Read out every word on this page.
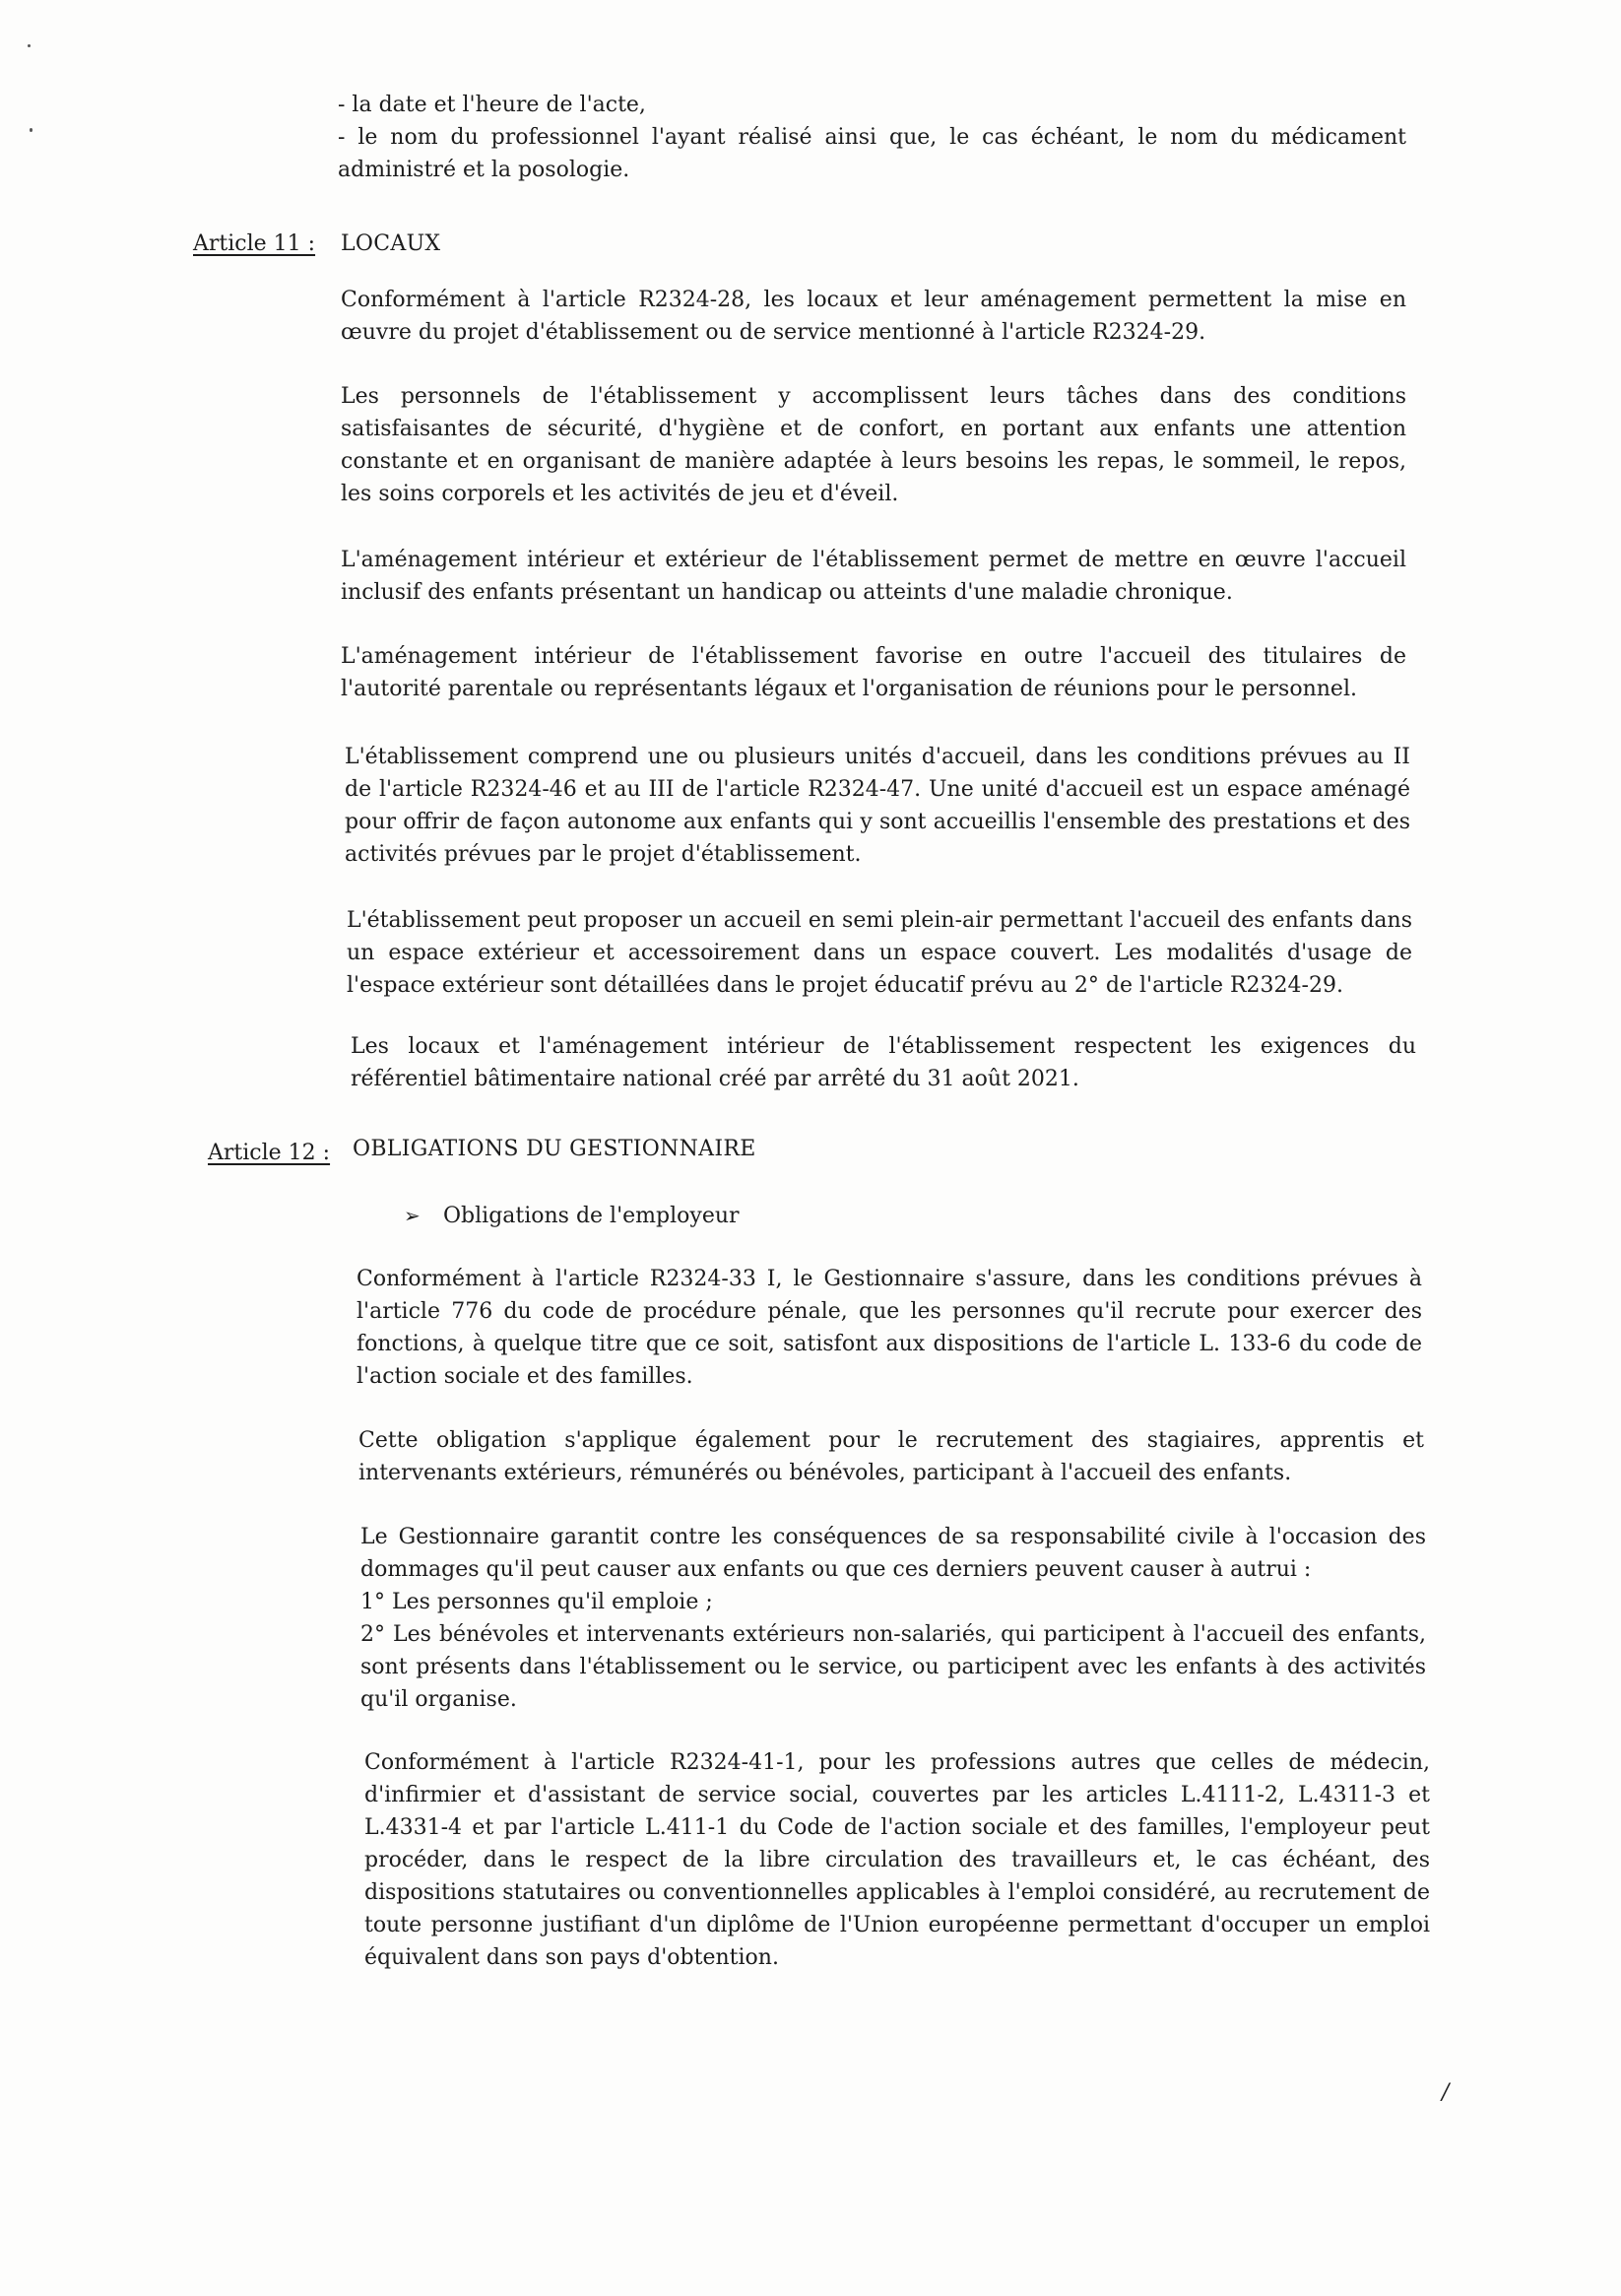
- la date et l'heure de l'acte,

- le nom du professionnel l'ayant réalisé ainsi que, le cas échéant, le nom du médicament administré et la posologie.

Article 11 : LOCAUX

Conformément à l'article R2324-28, les locaux et leur aménagement permettent la mise en œuvre du projet d'établissement ou de service mentionné à l'article R2324-29.

Les personnels de l'établissement y accomplissent leurs tâches dans des conditions satisfaisantes de sécurité, d'hygiène et de confort, en portant aux enfants une attention constante et en organisant de manière adaptée à leurs besoins les repas, le sommeil, le repos, les soins corporels et les activités de jeu et d'éveil.

L'aménagement intérieur et extérieur de l'établissement permet de mettre en œuvre l'accueil inclusif des enfants présentant un handicap ou atteints d'une maladie chronique.

L'aménagement intérieur de l'établissement favorise en outre l'accueil des titulaires de l'autorité parentale ou représentants légaux et l'organisation de réunions pour le personnel.

L'établissement comprend une ou plusieurs unités d'accueil, dans les conditions prévues au II de l'article R2324-46 et au III de l'article R2324-47. Une unité d'accueil est un espace aménagé pour offrir de façon autonome aux enfants qui y sont accueillis l'ensemble des prestations et des activités prévues par le projet d'établissement.

L'établissement peut proposer un accueil en semi plein-air permettant l'accueil des enfants dans un espace extérieur et accessoirement dans un espace couvert. Les modalités d'usage de l'espace extérieur sont détaillées dans le projet éducatif prévu au 2° de l'article R2324-29.

Les locaux et l'aménagement intérieur de l'établissement respectent les exigences du référentiel bâtimentaire national créé par arrêté du 31 août 2021.

Article 12 : OBLIGATIONS DU GESTIONNAIRE
➢ Obligations de l'employeur

Conformément à l'article R2324-33 I, le Gestionnaire s'assure, dans les conditions prévues à l'article 776 du code de procédure pénale, que les personnes qu'il recrute pour exercer des fonctions, à quelque titre que ce soit, satisfont aux dispositions de l'article L. 133-6 du code de l'action sociale et des familles.

Cette obligation s'applique également pour le recrutement des stagiaires, apprentis et intervenants extérieurs, rémunérés ou bénévoles, participant à l'accueil des enfants.

Le Gestionnaire garantit contre les conséquences de sa responsabilité civile à l'occasion des dommages qu'il peut causer aux enfants ou que ces derniers peuvent causer à autrui :

1° Les personnes qu'il emploie ;

2° Les bénévoles et intervenants extérieurs non-salariés, qui participent à l'accueil des enfants, sont présents dans l'établissement ou le service, ou participent avec les enfants à des activités qu'il organise.

Conformément à l'article R2324-41-1, pour les professions autres que celles de médecin, d'infirmier et d'assistant de service social, couvertes par les articles L.4111-2, L.4311-3 et L.4331-4 et par l'article L.411-1 du Code de l'action sociale et des familles, l'employeur peut procéder, dans le respect de la libre circulation des travailleurs et, le cas échéant, des dispositions statutaires ou conventionnelles applicables à l'emploi considéré, au recrutement de toute personne justifiant d'un diplôme de l'Union européenne permettant d'occuper un emploi équivalent dans son pays d'obtention.

/
